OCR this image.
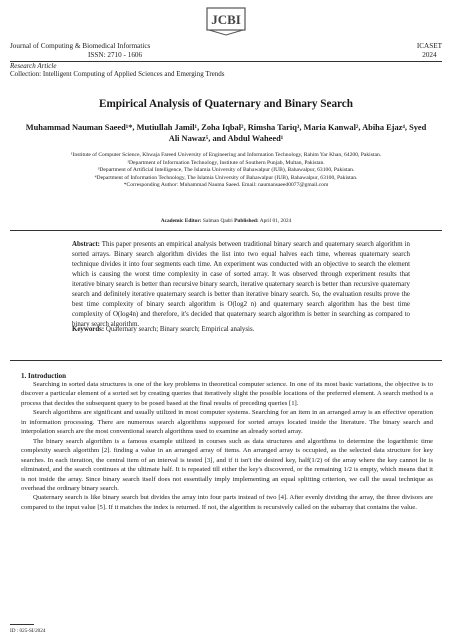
JCBI
Journal of Computing & Biomedical Informatics
ISSN: 2710 - 1606
ICASET
2024
Research Article
Collection: Intelligent Computing of Applied Sciences and Emerging Trends
Empirical Analysis of Quaternary and Binary Search
Muhammad Nauman Saeed¹*, Mutiullah Jamil¹, Zoha Iqbal², Rimsha Tariq³, Maria Kanwal², Abiha Ejaz⁴, Syed Ali Nawaz⁵, and Abdul Waheed¹
¹Institute of Computer Science, Khwaja Fareed University of Engineering and Information Technology, Rahim Yar Khan, 64200, Pakistan.
²Department of Information Technology, Institute of Southern Punjab, Multan, Pakistan.
³Department of Artificial Intelligence, The Islamia University of Bahawalpur (IUB), Bahawalpur, 63100, Pakistan.
⁴Department of Information Technology, The Islamia University of Bahawalpur (IUB), Bahawalpur, 63100, Pakistan.
*Corresponding Author: Muhammad Nauma Saeed. Email: naumansaeed0077@gmail.com
Academic Editor: Salman Qadri Published: April 01, 2024
Abstract: This paper presents an empirical analysis between traditional binary search and quaternary search algorithm in sorted arrays. Binary search algorithm divides the list into two equal halves each time, whereas quaternary search technique divides it into four segments each time. An experiment was conducted with an objective to search the element which is causing the worst time complexity in case of sorted array. It was observed through experiment results that iterative binary search is better than recursive binary search, iterative quaternary search is better than recursive quaternary search and definitely iterative quaternary search is better than iterative binary search. So, the evaluation results prove the best time complexity of binary search algorithm is O(log2 n) and quaternary search algorithm has the best time complexity of O(log4n) and therefore, it's decided that quaternary search algorithm is better in searching as compared to binary search algorithm.
Keywords: Quaternary search; Binary search; Empirical analysis.
1. Introduction

Searching in sorted data structures is one of the key problems in theoretical computer science. In one of its most basic variations, the objective is to discover a particular element of a sorted set by creating queries that iteratively slight the possible locations of the preferred element. A search method is a process that decides the subsequent query to be posed based at the final results of preceding queries [1].

Search algorithms are significant and usually utilized in most computer systems. Searching for an item in an arranged array is an effective operation in information processing. There are numerous search algorithms supposed for sorted arrays located inside the literature. The binary search and interpolation search are the most conventional search algorithms used to examine an already sorted array.

The binary search algorithm is a famous example utilized in courses such as data structures and algorithms to determine the logarithmic time complexity search algorithm [2]. finding a value in an arranged array of items. An arranged array is occupied, as the selected data structure for key searches. In each iteration, the central item of an interval is tested [3], and if it isn't the desired key, half(1/2) of the array where the key cannot lie is eliminated, and the search continues at the ultimate half. It is repeated till either the key's discovered, or the remaining 1/2 is empty, which means that it is not inside the array. Since binary search itself does not essentially imply implementing an equal splitting criterion, we call the usual technique as overhead the ordinary binary search.

Quaternary search is like binary search but divides the array into four parts instead of two [4]. After evenly dividing the array, the three divisors are compared to the input value [5]. If it matches the index is returned. If not, the algorithm is recursively called on the subarray that contains the value.

ID : 025-SI/2024
